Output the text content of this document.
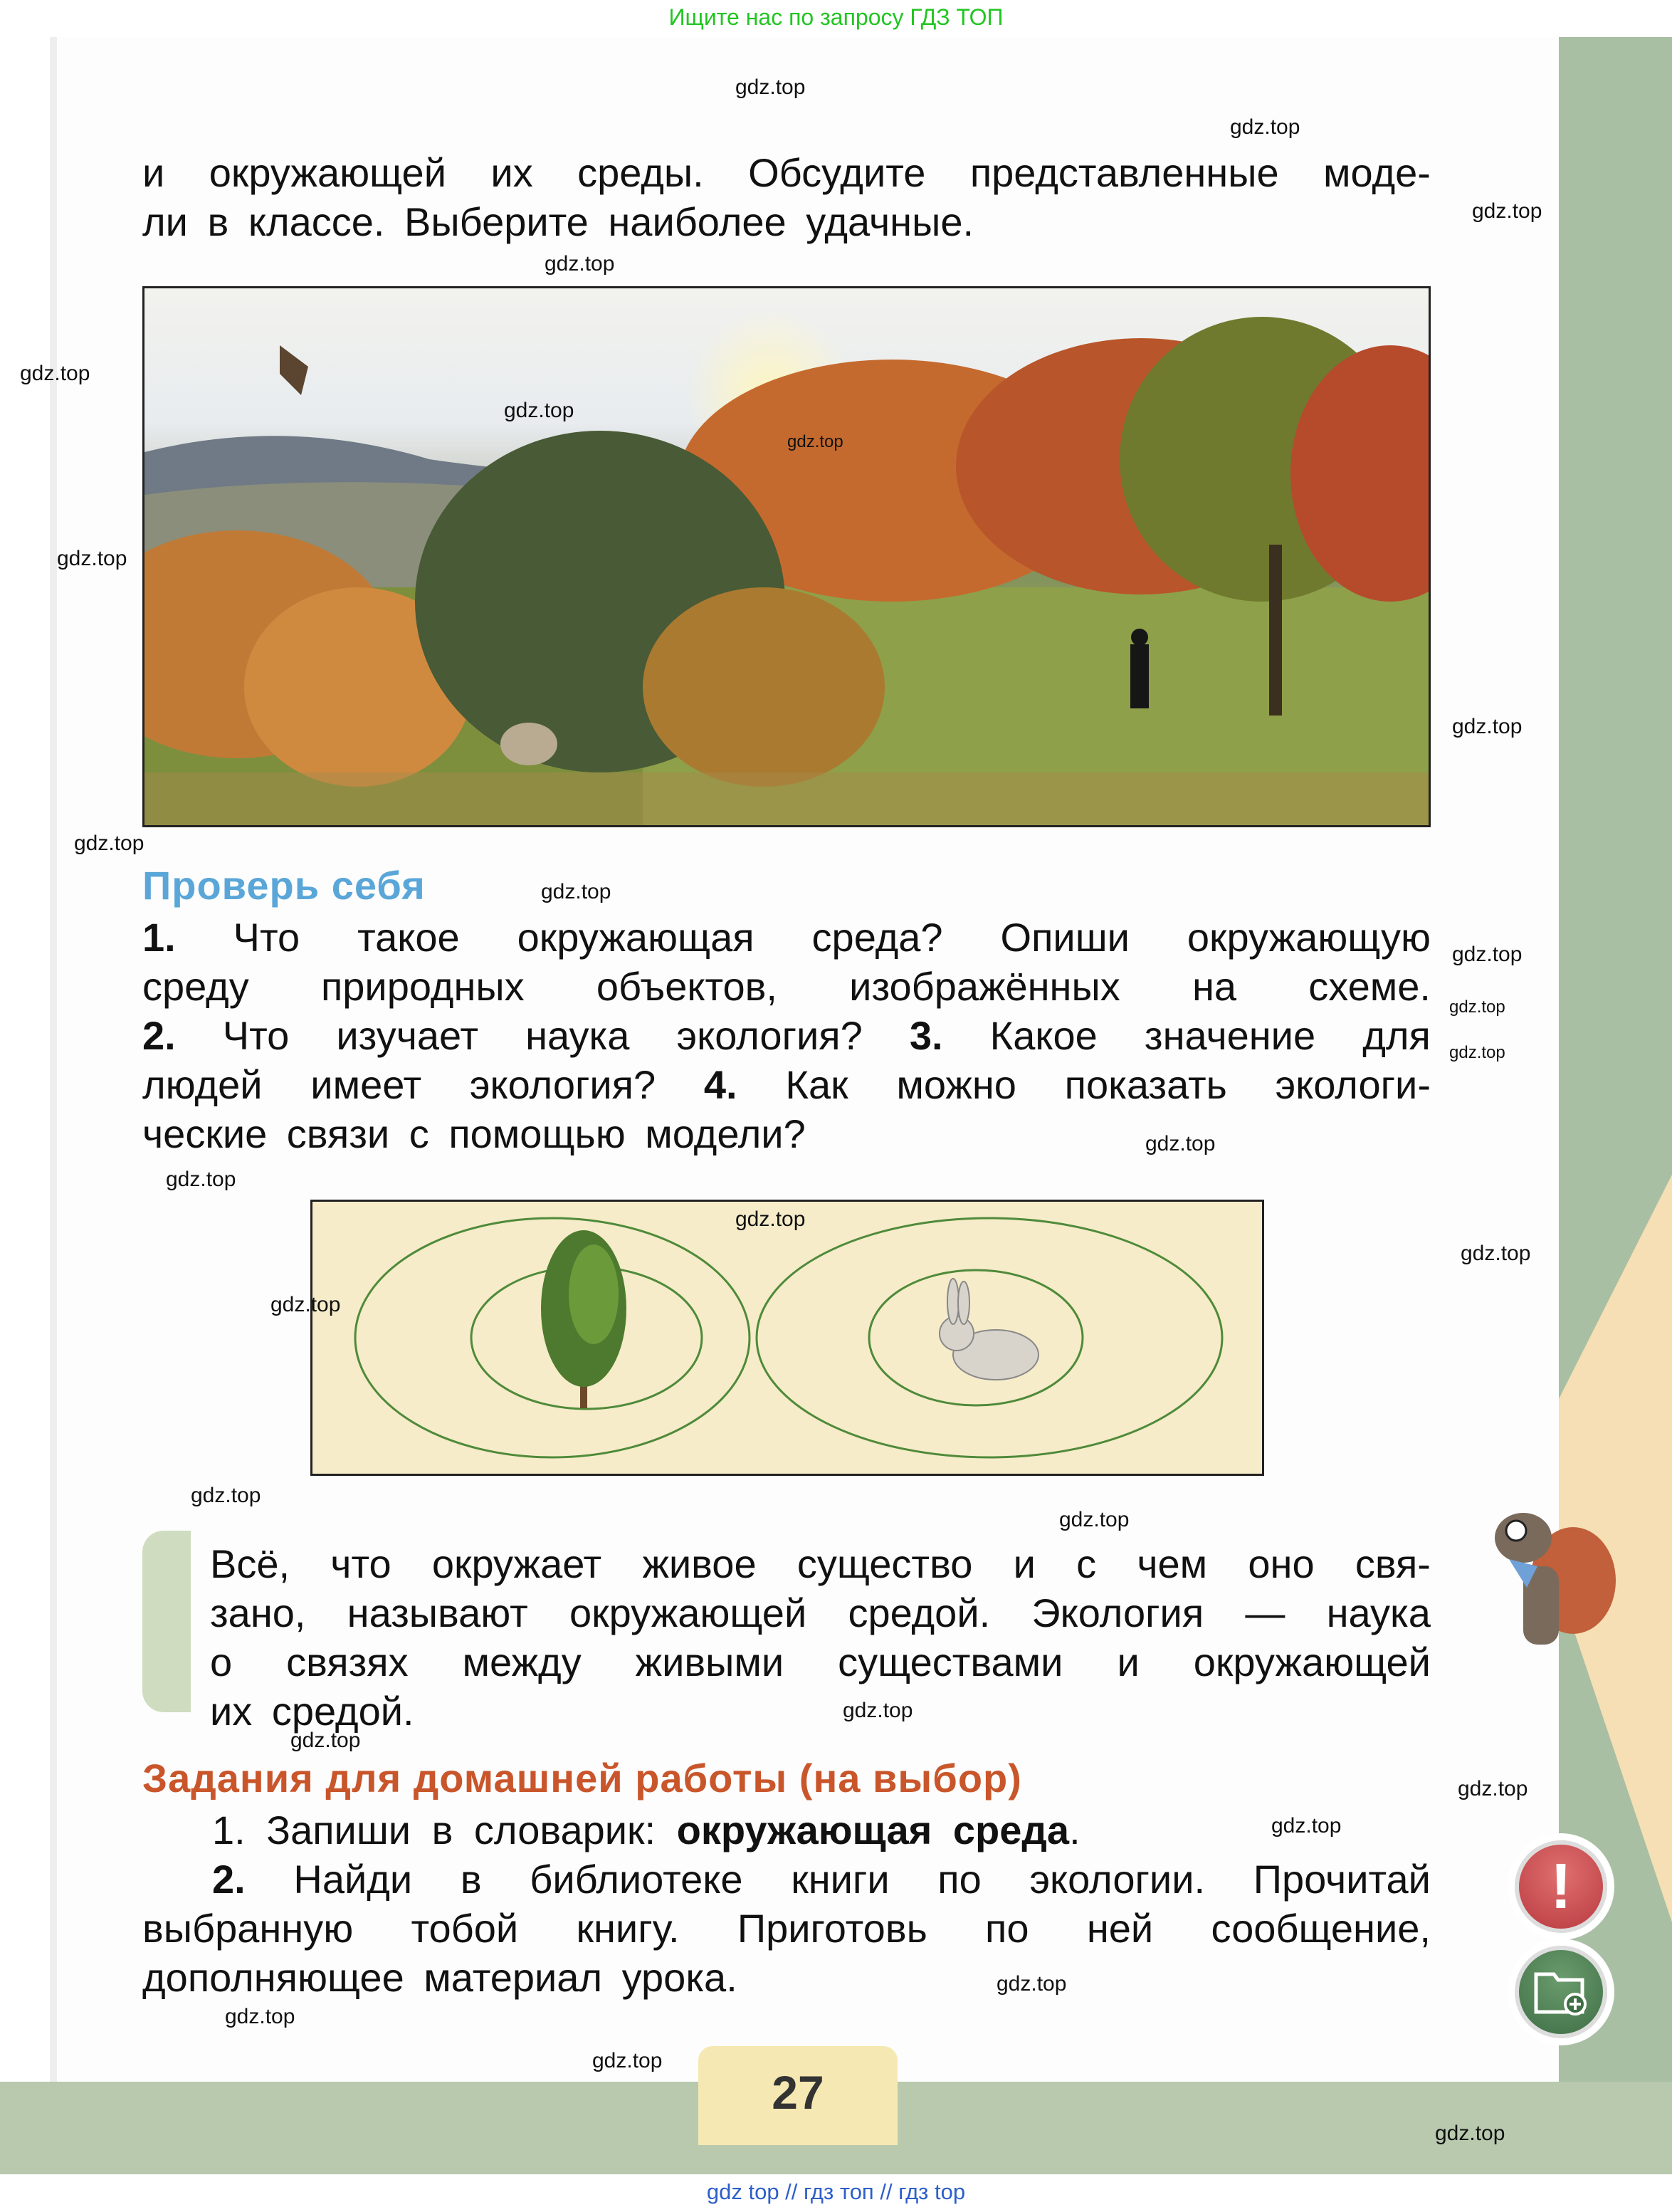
Ищите нас по запросу ГДЗ ТОП
и окружающей их среды. Обсудите представленные моде-
ли в классе. Выберите наиболее удачные.
Проверь себя
1. Что такое окружающая среда? Опиши окружающую
среду природных объектов, изображённых на схеме.
2. Что изучает наука экология? 3. Какое значение для
людей имеет экология? 4. Как можно показать экологи-
ческие связи с помощью модели?
Всё, что окружает живое существо и с чем оно свя-
зано, называют окружающей средой. Экология — наука
о связях между живыми существами и окружающей
их средой.
Задания для домашней работы (на выбор)
1. Запиши в словарик: окружающая среда.
2. Найди в библиотеке книги по экологии. Прочитай
выбранную тобой книгу. Приготовь по ней сообщение,
дополняющее материал урока.
!
27
gdz top // гдз топ // гдз top
gdz.top
gdz.top
gdz.top
gdz.top
gdz.top
gdz.top
gdz.top
gdz.top
gdz.top
gdz.top
gdz.top
gdz.top
gdz.top
gdz.top
gdz.top
gdz.top
gdz.top
gdz.top
gdz.top
gdz.top
gdz.top
gdz.top
gdz.top
gdz.top
gdz.top
gdz.top
gdz.top
gdz.top
gdz.top
